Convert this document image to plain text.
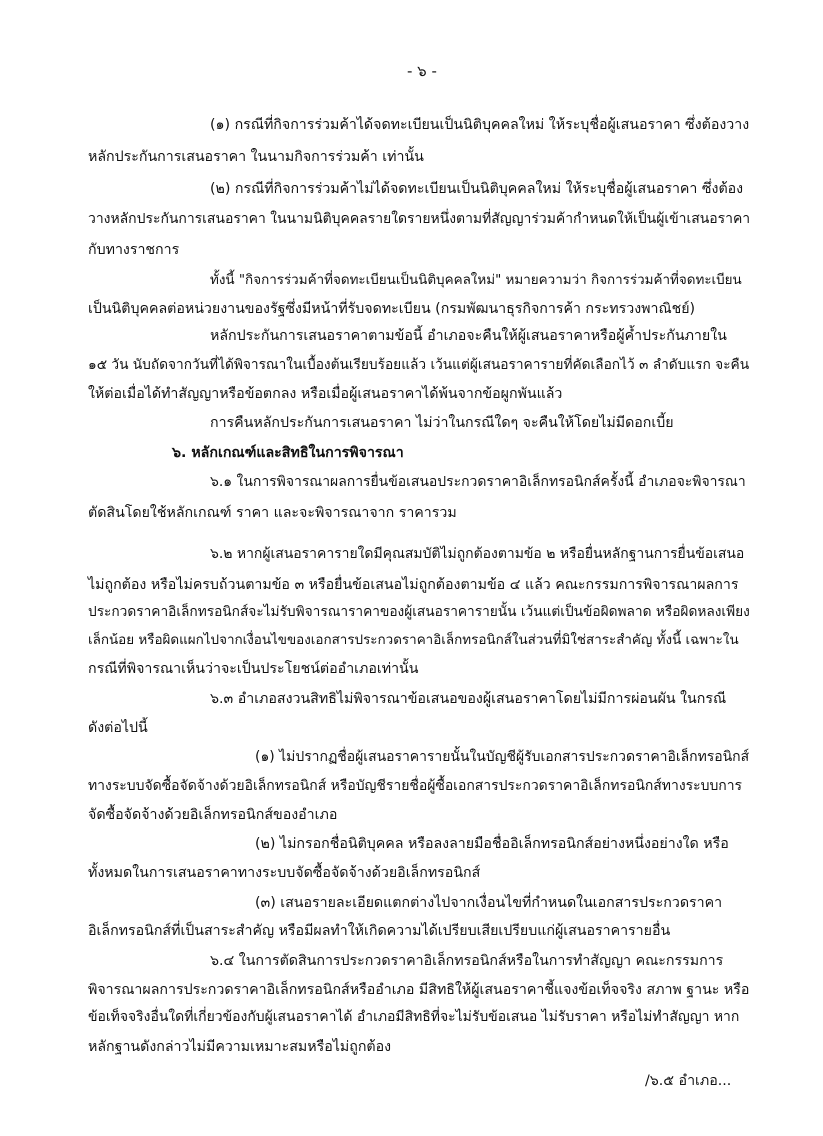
- ๖ -
(๑) กรณีที่กิจการร่วมค้าได้จดทะเบียนเป็นนิติบุคคลใหม่ ให้ระบุชื่อผู้เสนอราคา ซึ่งต้องวาง
หลักประกันการเสนอราคา ในนามกิจการร่วมค้า เท่านั้น
(๒) กรณีที่กิจการร่วมค้าไม่ได้จดทะเบียนเป็นนิติบุคคลใหม่ ให้ระบุชื่อผู้เสนอราคา ซึ่งต้อง
วางหลักประกันการเสนอราคา ในนามนิติบุคคลรายใดรายหนึ่งตามที่สัญญาร่วมค้ากำหนดให้เป็นผู้เข้าเสนอราคา
กับทางราชการ
ทั้งนี้ "กิจการร่วมค้าที่จดทะเบียนเป็นนิติบุคคลใหม่" หมายความว่า กิจการร่วมค้าที่จดทะเบียน
เป็นนิติบุคคลต่อหน่วยงานของรัฐซึ่งมีหน้าที่รับจดทะเบียน (กรมพัฒนาธุรกิจการค้า กระทรวงพาณิชย์)
หลักประกันการเสนอราคาตามข้อนี้ อำเภอจะคืนให้ผู้เสนอราคาหรือผู้ค้ำประกันภายใน
๑๕ วัน นับถัดจากวันที่ได้พิจารณาในเบื้องต้นเรียบร้อยแล้ว เว้นแต่ผู้เสนอราคารายที่คัดเลือกไว้ ๓ ลำดับแรก จะคืน
ให้ต่อเมื่อได้ทำสัญญาหรือข้อตกลง หรือเมื่อผู้เสนอราคาได้พ้นจากข้อผูกพันแล้ว
การคืนหลักประกันการเสนอราคา ไม่ว่าในกรณีใดๆ จะคืนให้โดยไม่มีดอกเบี้ย
๖. หลักเกณฑ์และสิทธิในการพิจารณา
๖.๑ ในการพิจารณาผลการยื่นข้อเสนอประกวดราคาอิเล็กทรอนิกส์ครั้งนี้ อำเภอจะพิจารณา
ตัดสินโดยใช้หลักเกณฑ์ ราคา และจะพิจารณาจาก ราคารวม
๖.๒ หากผู้เสนอราคารายใดมีคุณสมบัติไม่ถูกต้องตามข้อ ๒ หรือยื่นหลักฐานการยื่นข้อเสนอ
ไม่ถูกต้อง หรือไม่ครบถ้วนตามข้อ ๓ หรือยื่นข้อเสนอไม่ถูกต้องตามข้อ ๔ แล้ว คณะกรรมการพิจารณาผลการ
ประกวดราคาอิเล็กทรอนิกส์จะไม่รับพิจารณาราคาของผู้เสนอราคารายนั้น เว้นแต่เป็นข้อผิดพลาด หรือผิดหลงเพียง
เล็กน้อย หรือผิดแผกไปจากเงื่อนไขของเอกสารประกวดราคาอิเล็กทรอนิกส์ในส่วนที่มิใช่สาระสำคัญ ทั้งนี้ เฉพาะใน
กรณีที่พิจารณาเห็นว่าจะเป็นประโยชน์ต่ออำเภอเท่านั้น
๖.๓ อำเภอสงวนสิทธิไม่พิจารณาข้อเสนอของผู้เสนอราคาโดยไม่มีการผ่อนผัน ในกรณี
ดังต่อไปนี้
(๑) ไม่ปรากฏชื่อผู้เสนอราคารายนั้นในบัญชีผู้รับเอกสารประกวดราคาอิเล็กทรอนิกส์
ทางระบบจัดซื้อจัดจ้างด้วยอิเล็กทรอนิกส์ หรือบัญชีรายชื่อผู้ซื้อเอกสารประกวดราคาอิเล็กทรอนิกส์ทางระบบการ
จัดซื้อจัดจ้างด้วยอิเล็กทรอนิกส์ของอำเภอ
(๒) ไม่กรอกชื่อนิติบุคคล หรือลงลายมือชื่ออิเล็กทรอนิกส์อย่างหนึ่งอย่างใด หรือ
ทั้งหมดในการเสนอราคาทางระบบจัดซื้อจัดจ้างด้วยอิเล็กทรอนิกส์
(๓) เสนอรายละเอียดแตกต่างไปจากเงื่อนไขที่กำหนดในเอกสารประกวดราคา
อิเล็กทรอนิกส์ที่เป็นสาระสำคัญ หรือมีผลทำให้เกิดความได้เปรียบเสียเปรียบแก่ผู้เสนอราคารายอื่น
๖.๔ ในการตัดสินการประกวดราคาอิเล็กทรอนิกส์หรือในการทำสัญญา คณะกรรมการ
พิจารณาผลการประกวดราคาอิเล็กทรอนิกส์หรืออำเภอ มีสิทธิให้ผู้เสนอราคาชี้แจงข้อเท็จจริง สภาพ ฐานะ หรือ
ข้อเท็จจริงอื่นใดที่เกี่ยวข้องกับผู้เสนอราคาได้ อำเภอมีสิทธิที่จะไม่รับข้อเสนอ ไม่รับราคา หรือไม่ทำสัญญา หาก
หลักฐานดังกล่าวไม่มีความเหมาะสมหรือไม่ถูกต้อง
/๖.๕ อำเภอ...
